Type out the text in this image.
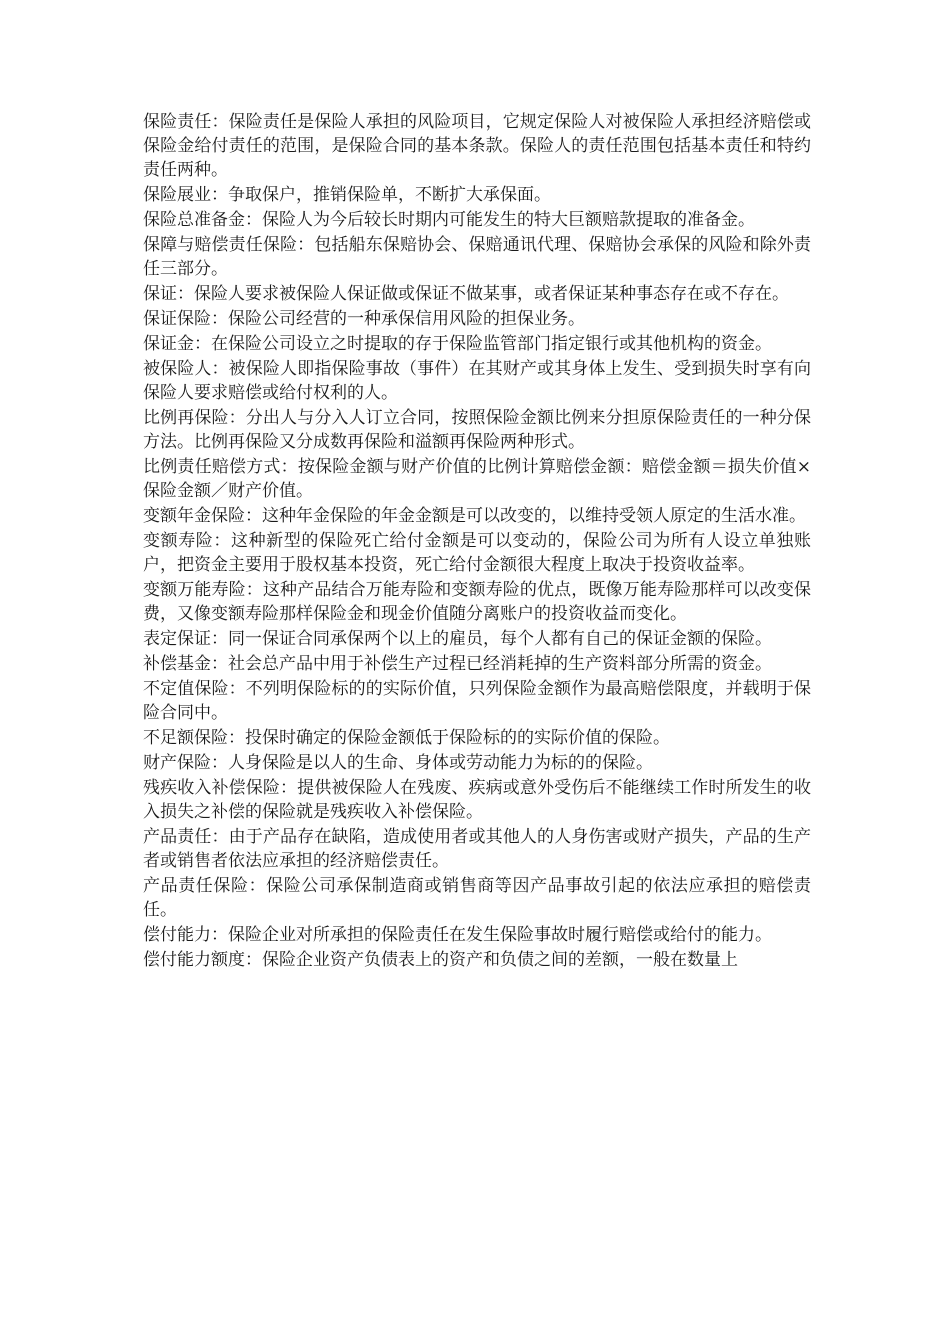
保险责任：保险责任是保险人承担的风险项目，它规定保险人对被保险人承担经济赔偿或保险金给付责任的范围，是保险合同的基本条款。保险人的责任范围包括基本责任和特约责任两种。

保险展业：争取保户，推销保险单，不断扩大承保面。

保险总准备金：保险人为今后较长时期内可能发生的特大巨额赔款提取的准备金。

保障与赔偿责任保险：包括船东保赔协会、保赔通讯代理、保赔协会承保的风险和除外责任三部分。

保证：保险人要求被保险人保证做或保证不做某事，或者保证某种事态存在或不存在。

保证保险：保险公司经营的一种承保信用风险的担保业务。

保证金：在保险公司设立之时提取的存于保险监管部门指定银行或其他机构的资金。

被保险人：被保险人即指保险事故（事件）在其财产或其身体上发生、受到损失时享有向保险人要求赔偿或给付权利的人。

比例再保险：分出人与分入人订立合同，按照保险金额比例来分担原保险责任的一种分保方法。比例再保险又分成数再保险和溢额再保险两种形式。

比例责任赔偿方式：按保险金额与财产价值的比例计算赔偿金额：赔偿金额＝损失价值×保险金额／财产价值。

变额年金保险：这种年金保险的年金金额是可以改变的，以维持受领人原定的生活水准。

变额寿险：这种新型的保险死亡给付金额是可以变动的，保险公司为所有人设立单独账户，把资金主要用于股权基本投资，死亡给付金额很大程度上取决于投资收益率。

变额万能寿险：这种产品结合万能寿险和变额寿险的优点，既像万能寿险那样可以改变保费，又像变额寿险那样保险金和现金价值随分离账户的投资收益而变化。

表定保证：同一保证合同承保两个以上的雇员，每个人都有自己的保证金额的保险。

补偿基金：社会总产品中用于补偿生产过程已经消耗掉的生产资料部分所需的资金。

不定值保险：不列明保险标的的实际价值，只列保险金额作为最高赔偿限度，并载明于保险合同中。

不足额保险：投保时确定的保险金额低于保险标的的实际价值的保险。

财产保险：人身保险是以人的生命、身体或劳动能力为标的的保险。

残疾收入补偿保险：提供被保险人在残废、疾病或意外受伤后不能继续工作时所发生的收入损失之补偿的保险就是残疾收入补偿保险。

产品责任：由于产品存在缺陷，造成使用者或其他人的人身伤害或财产损失，产品的生产者或销售者依法应承担的经济赔偿责任。

产品责任保险：保险公司承保制造商或销售商等因产品事故引起的依法应承担的赔偿责任。

偿付能力：保险企业对所承担的保险责任在发生保险事故时履行赔偿或给付的能力。

偿付能力额度：保险企业资产负债表上的资产和负债之间的差额，一般在数量上
